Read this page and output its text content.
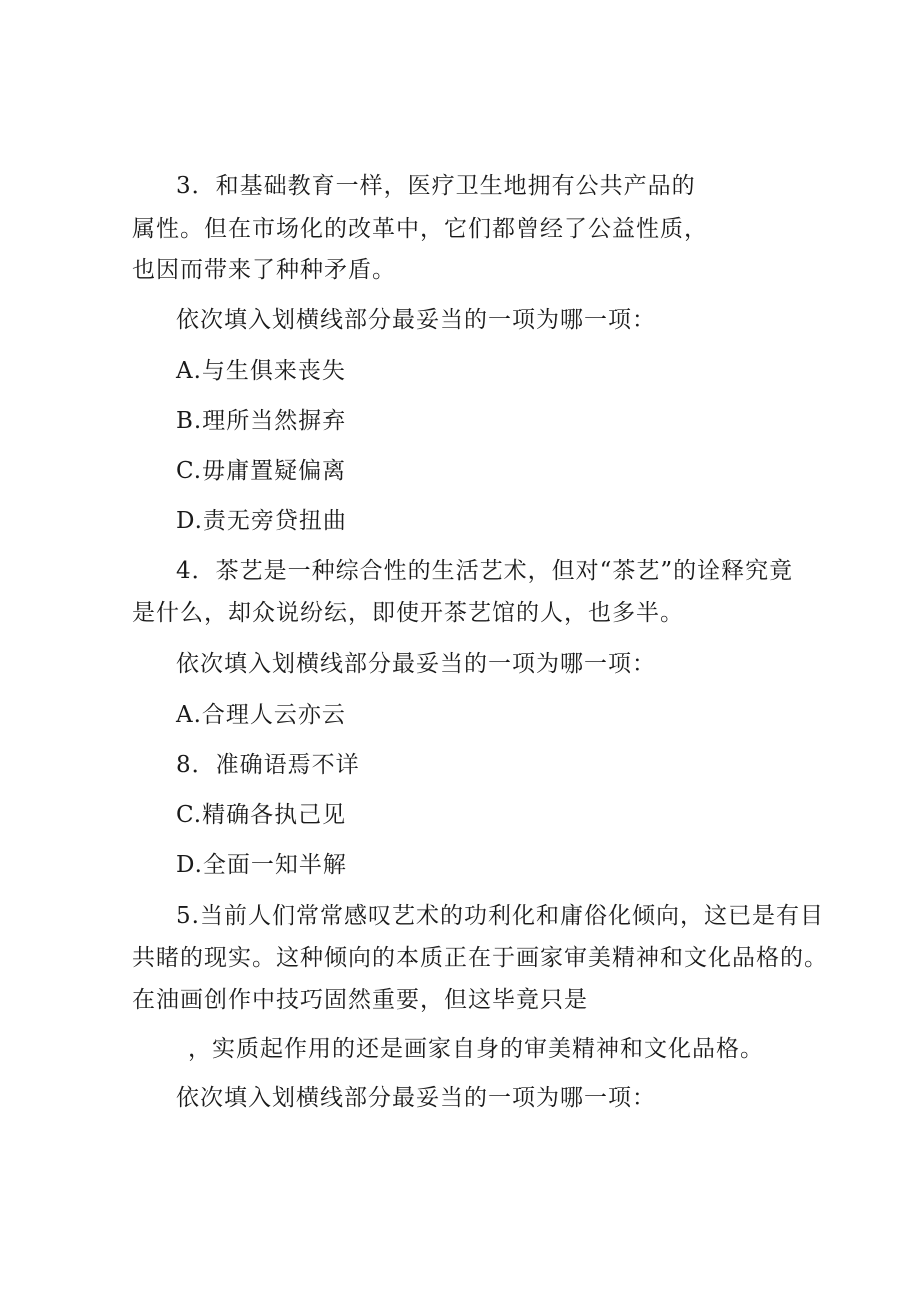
3．和基础教育一样，医疗卫生地拥有公共产品的
属性。但在市场化的改革中，它们都曾经了公益性质，
也因而带来了种种矛盾。
依次填入划横线部分最妥当的一项为哪一项：
A.与生俱来丧失
B.理所当然摒弃
C.毋庸置疑偏离
D.责无旁贷扭曲
4．茶艺是一种综合性的生活艺术，但对“茶艺”的诠释究竟
是什么，却众说纷纭，即使开茶艺馆的人，也多半。
依次填入划横线部分最妥当的一项为哪一项：
A.合理人云亦云
8．准确语焉不详
C.精确各执己见
D.全面一知半解
5.当前人们常常感叹艺术的功利化和庸俗化倾向，这已是有目
共睹的现实。这种倾向的本质正在于画家审美精神和文化品格的。
在油画创作中技巧固然重要，但这毕竟只是
，实质起作用的还是画家自身的审美精神和文化品格。
依次填入划横线部分最妥当的一项为哪一项：
